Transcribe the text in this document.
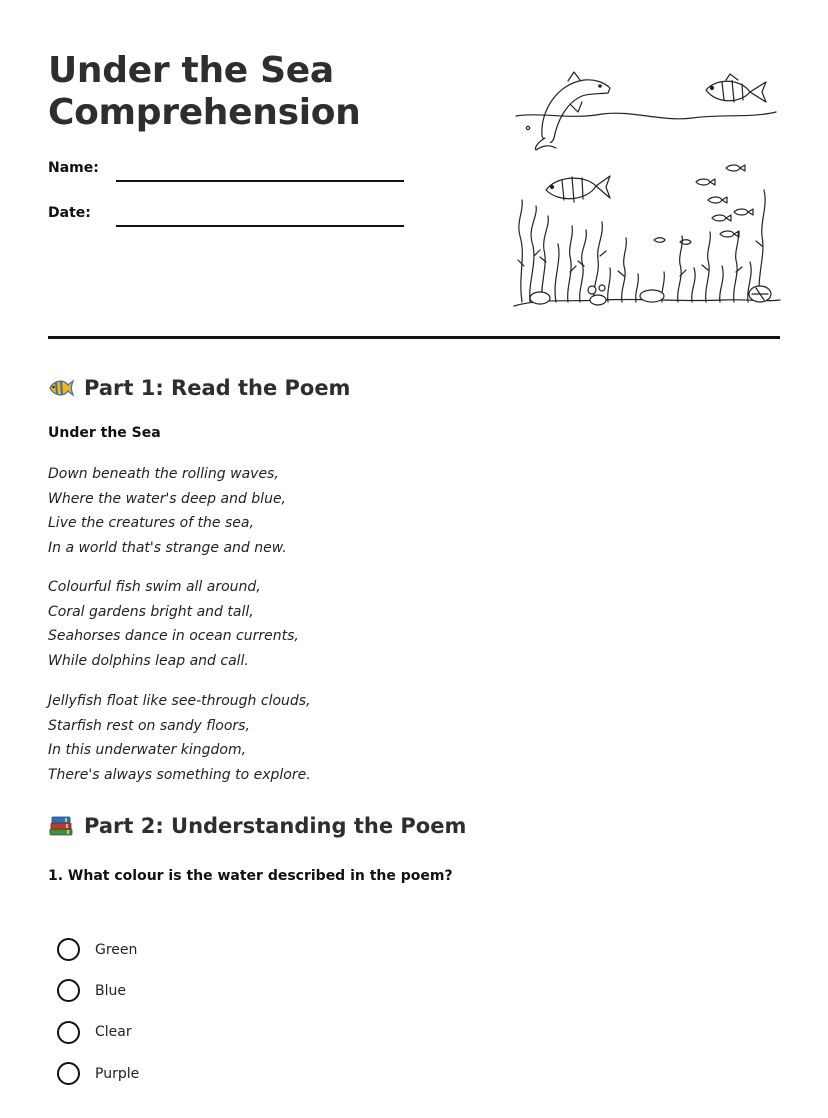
Under the Sea
Comprehension
Name:
Date:
Part 1: Read the Poem
Under the Sea
Down beneath the rolling waves,
Where the water's deep and blue,
Live the creatures of the sea,
In a world that's strange and new.
Colourful fish swim all around,
Coral gardens bright and tall,
Seahorses dance in ocean currents,
While dolphins leap and call.
Jellyfish float like see-through clouds,
Starfish rest on sandy floors,
In this underwater kingdom,
There's always something to explore.
Part 2: Understanding the Poem
1. What colour is the water described in the poem?
Green
Blue
Clear
Purple
